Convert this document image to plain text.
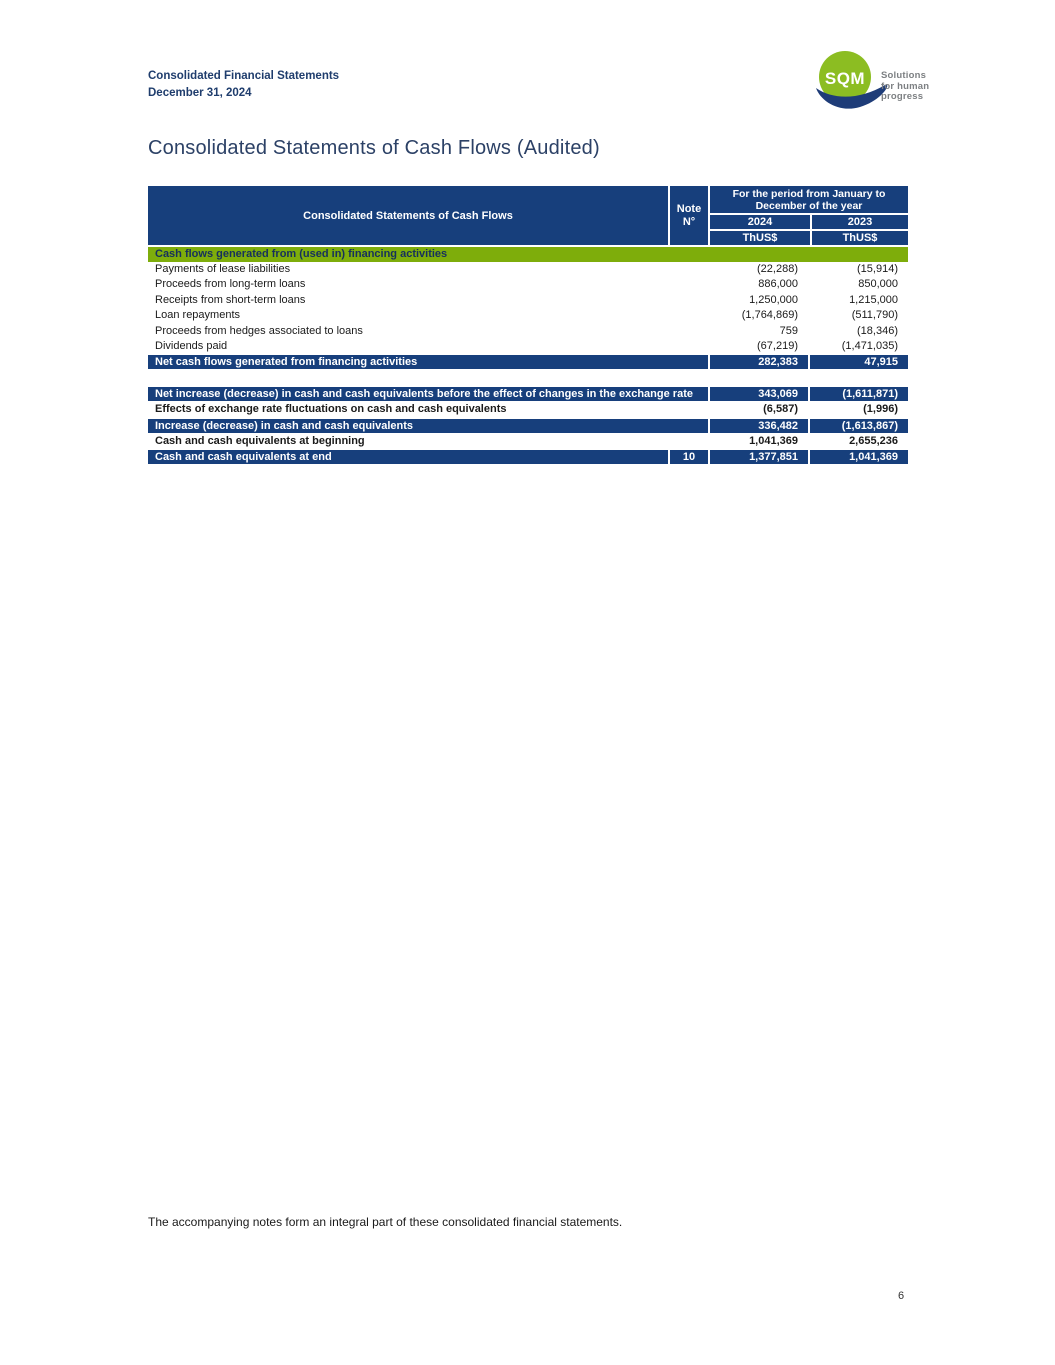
Consolidated Financial Statements
December 31, 2024
SQM Solutions
for human
progress
Consolidated Statements of Cash Flows (Audited)
Consolidated Statements of Cash Flows
Note
N°
For the period from January to December of the year
2024	2023
ThUS$	ThUS$
Cash flows generated from (used in) financing activities
Payments of lease liabilities	(22,288)	(15,914)
Proceeds from long-term loans	886,000	850,000
Receipts from short-term loans	1,250,000	1,215,000
Loan repayments	(1,764,869)	(511,790)
Proceeds from hedges associated to loans	759	(18,346)
Dividends paid	(67,219)	(1,471,035)
Net cash flows generated from financing activities	282,383	47,915
Net increase (decrease) in cash and cash equivalents before the effect of changes in the exchange rate	343,069	(1,611,871)
Effects of exchange rate fluctuations on cash and cash equivalents	(6,587)	(1,996)
Increase (decrease) in cash and cash equivalents	336,482	(1,613,867)
Cash and cash equivalents at beginning	1,041,369	2,655,236
Cash and cash equivalents at end	10	1,377,851	1,041,369
The accompanying notes form an integral part of these consolidated financial statements.
6
